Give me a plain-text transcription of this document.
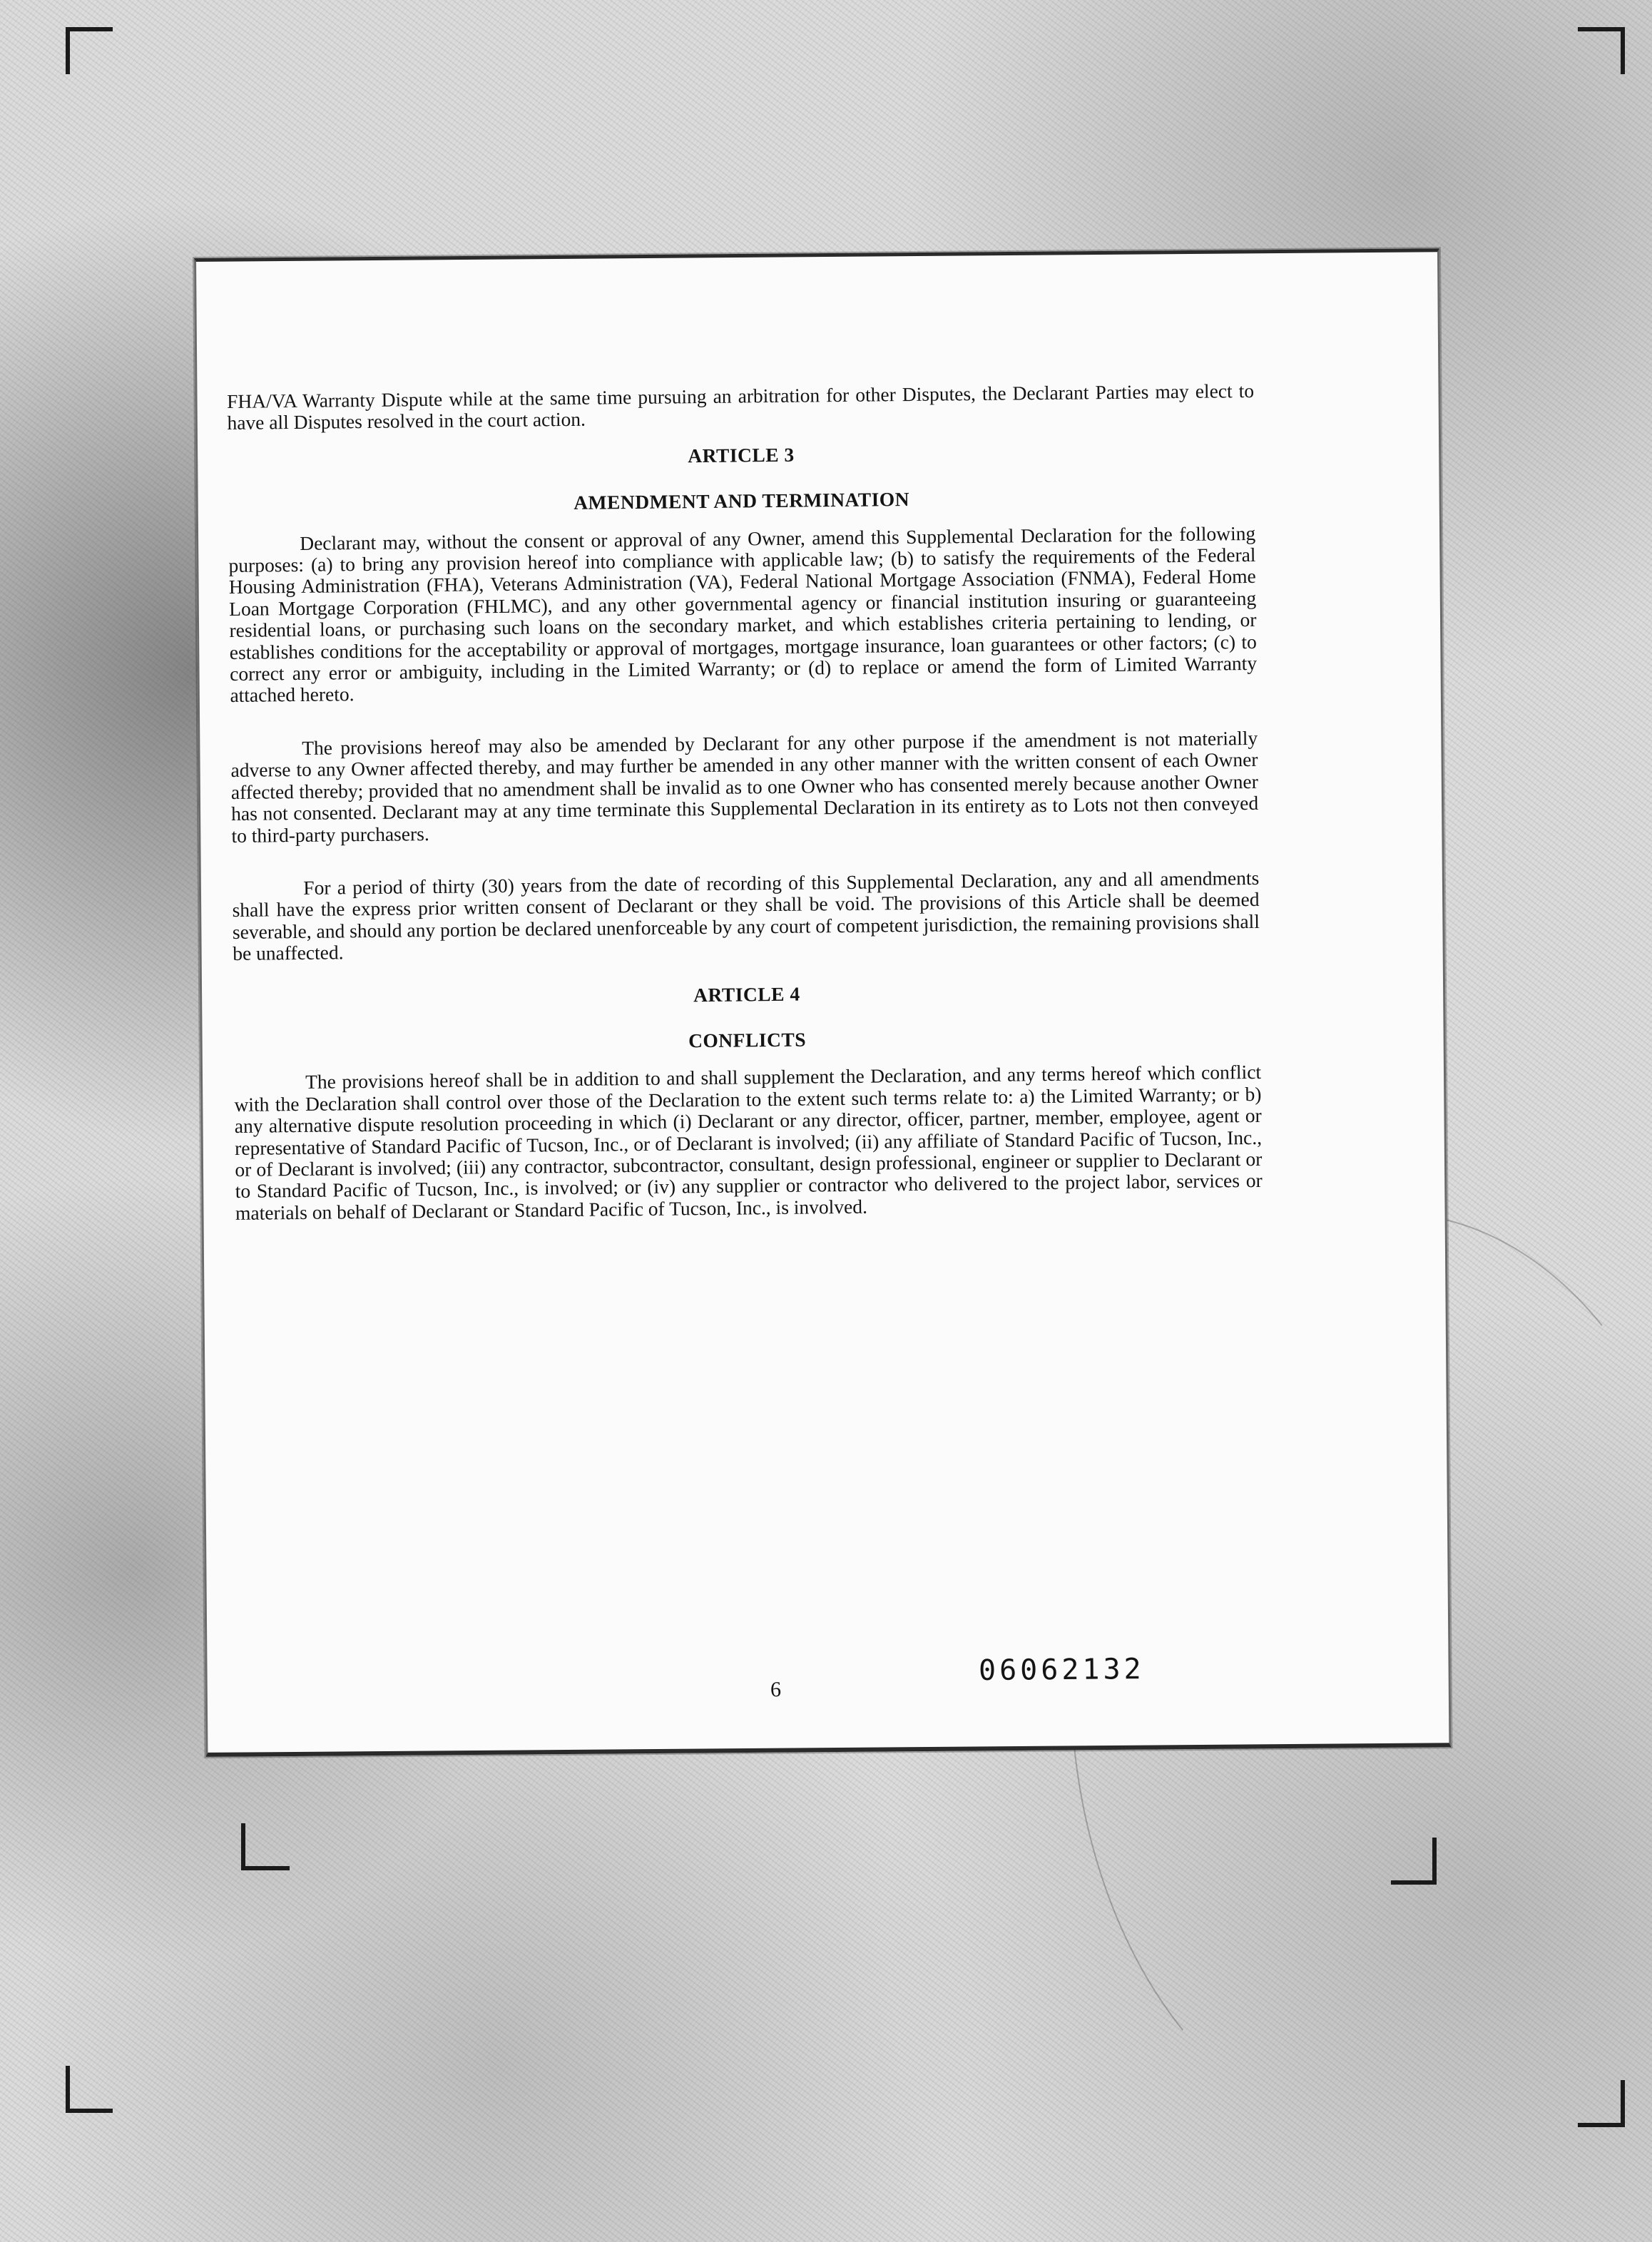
FHA/VA Warranty Dispute while at the same time pursuing an arbitration for other Disputes, the Declarant Parties may elect to have all Disputes resolved in the court action.

ARTICLE 3

AMENDMENT AND TERMINATION

Declarant may, without the consent or approval of any Owner, amend this Supplemental Declaration for the following purposes: (a) to bring any provision hereof into compliance with applicable law; (b) to satisfy the requirements of the Federal Housing Administration (FHA), Veterans Administration (VA), Federal National Mortgage Association (FNMA), Federal Home Loan Mortgage Corporation (FHLMC), and any other governmental agency or financial institution insuring or guaranteeing residential loans, or purchasing such loans on the secondary market, and which establishes criteria pertaining to lending, or establishes conditions for the acceptability or approval of mortgages, mortgage insurance, loan guarantees or other factors; (c) to correct any error or ambiguity, including in the Limited Warranty; or (d) to replace or amend the form of Limited Warranty attached hereto.

The provisions hereof may also be amended by Declarant for any other purpose if the amendment is not materially adverse to any Owner affected thereby, and may further be amended in any other manner with the written consent of each Owner affected thereby; provided that no amendment shall be invalid as to one Owner who has consented merely because another Owner has not consented. Declarant may at any time terminate this Supplemental Declaration in its entirety as to Lots not then conveyed to third-party purchasers.

For a period of thirty (30) years from the date of recording of this Supplemental Declaration, any and all amendments shall have the express prior written consent of Declarant or they shall be void. The provisions of this Article shall be deemed severable, and should any portion be declared unenforceable by any court of competent jurisdiction, the remaining provisions shall be unaffected.

ARTICLE 4

CONFLICTS

The provisions hereof shall be in addition to and shall supplement the Declaration, and any terms hereof which conflict with the Declaration shall control over those of the Declaration to the extent such terms relate to: a) the Limited Warranty; or b) any alternative dispute resolution proceeding in which (i) Declarant or any director, officer, partner, member, employee, agent or representative of Standard Pacific of Tucson, Inc., or of Declarant is involved; (ii) any affiliate of Standard Pacific of Tucson, Inc., or of Declarant is involved; (iii) any contractor, subcontractor, consultant, design professional, engineer or supplier to Declarant or to Standard Pacific of Tucson, Inc., is involved; or (iv) any supplier or contractor who delivered to the project labor, services or materials on behalf of Declarant or Standard Pacific of Tucson, Inc., is involved.

06062132
6
